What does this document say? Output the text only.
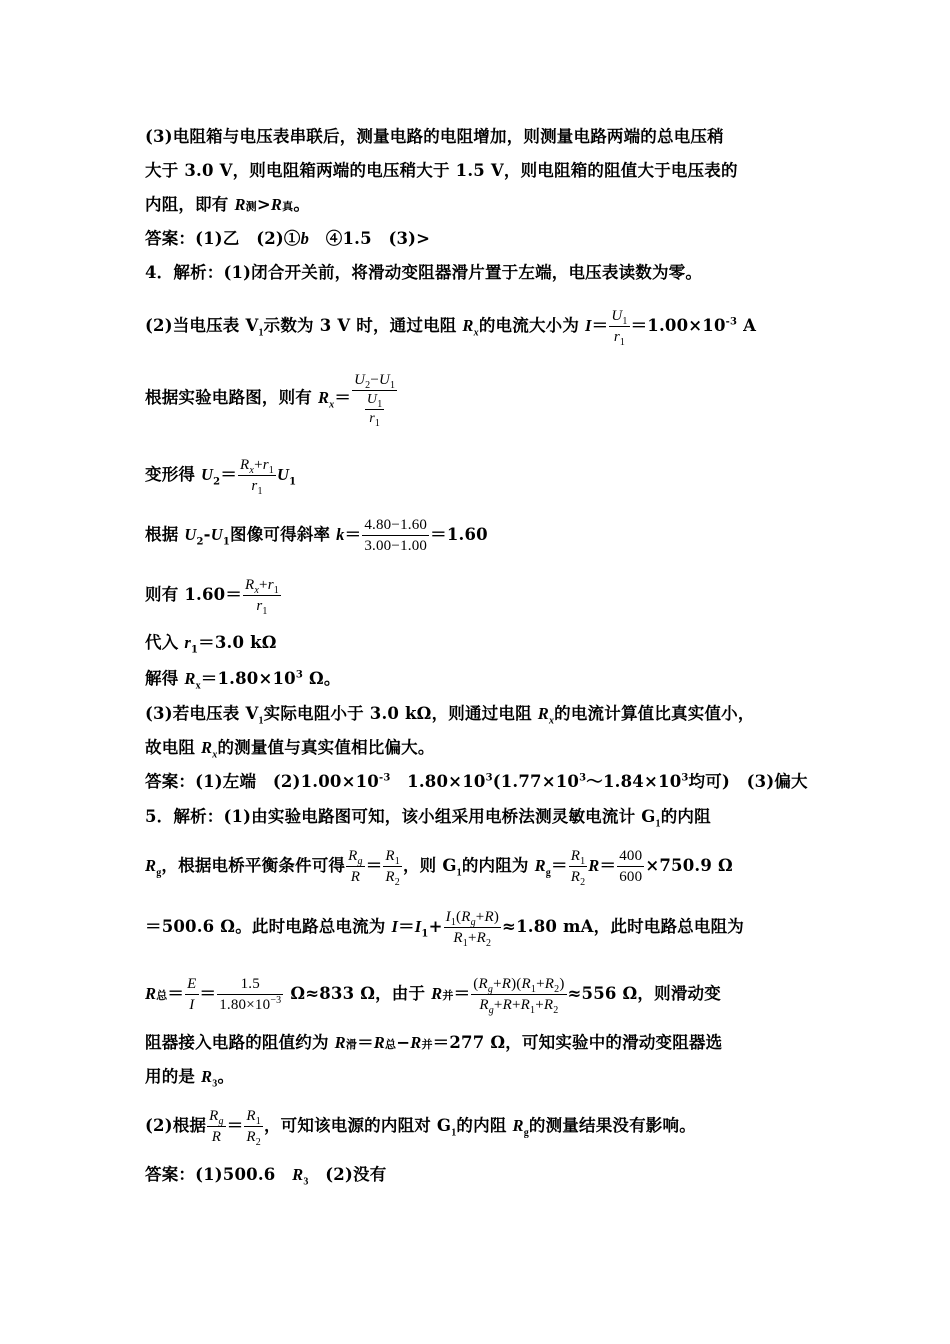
(3)电阻箱与电压表串联后，测量电路的电阻增加，则测量电路两端的总电压稍
大于 3.0 V，则电阻箱两端的电压稍大于 1.5 V，则电阻箱的阻值大于电压表的
内阻，即有 R测>R真。
答案：(1)乙　(2)①b　④1.5　(3)>
4．解析：(1)闭合开关前，将滑动变阻器滑片置于左端，电压表读数为零。
(2)当电压表 $V_1$示数为 3 V 时，通过电阻 $R_x$的电流大小为 $I= \frac{U_1}{r_1} =1.00\times 10^{-3}$ A
根据实验电路图，则有 $R_x= \frac{U_2-U_1}{\frac{U_1}{r_1}}$
变形得 $U_2= \frac{R_x+r_1}{r_1} U_1$
根据 $U_2-U_1$图像可得斜率 $k= \frac{4.80-1.60}{3.00-1.00} =1.60$
则有 $1.60= \frac{R_x+r_1}{r_1}$
代入 $r_1=3.0$ kΩ
解得 $R_x=1.80\times 10^3$ Ω。
(3)若电压表 $V_1$实际电阻小于 3.0 kΩ，则通过电阻 $R_x$的电流计算值比真实值小，
故电阻 $R_x$的测量值与真实值相比偏大。
答案：(1)左端　$(2)1.00\times 10^{-3}$　$1.80\times 10^3(1.77\times 10^3\sim 1.84\times 10^3$均可)　(3)偏大
5．解析：(1)由实验电路图可知，该小组采用电桥法测灵敏电流计 $G_1$的内阻
$R_g$，根据电桥平衡条件可得 $\frac{R_g}{R} = \frac{R_1}{R_2}$ ，则 $G_1$的内阻为 $R_g= \frac{R_1}{R_2} R= \frac{400}{600} \times 750.9$ Ω
＝500.6 Ω。此时电路总电流为 $I=I_1+ \frac{I_1(R_g+R)}{R_1+R_2} \approx 1.80$ mA，此时电路总电阻为
R总＝ $\frac{E}{I} = \frac{1.5}{1.80\times 10^{-3}} \Omega\approx 833$ Ω，由于 R并＝ $\frac{(R_g+R)(R_1+R_2)}{R_g+R+R_1+R_2} \approx 556$ Ω，则滑动变
阻器接入电路的阻值约为 R滑＝R总−R并＝277 Ω，可知实验中的滑动变阻器选
用的是 $R_3$。
(2)根据 $\frac{R_g}{R} = \frac{R_1}{R_2}$ ，可知该电源的内阻对 $G_1$的内阻 $R_g$的测量结果没有影响。
答案：(1)500.6　$R_3$　(2)没有
